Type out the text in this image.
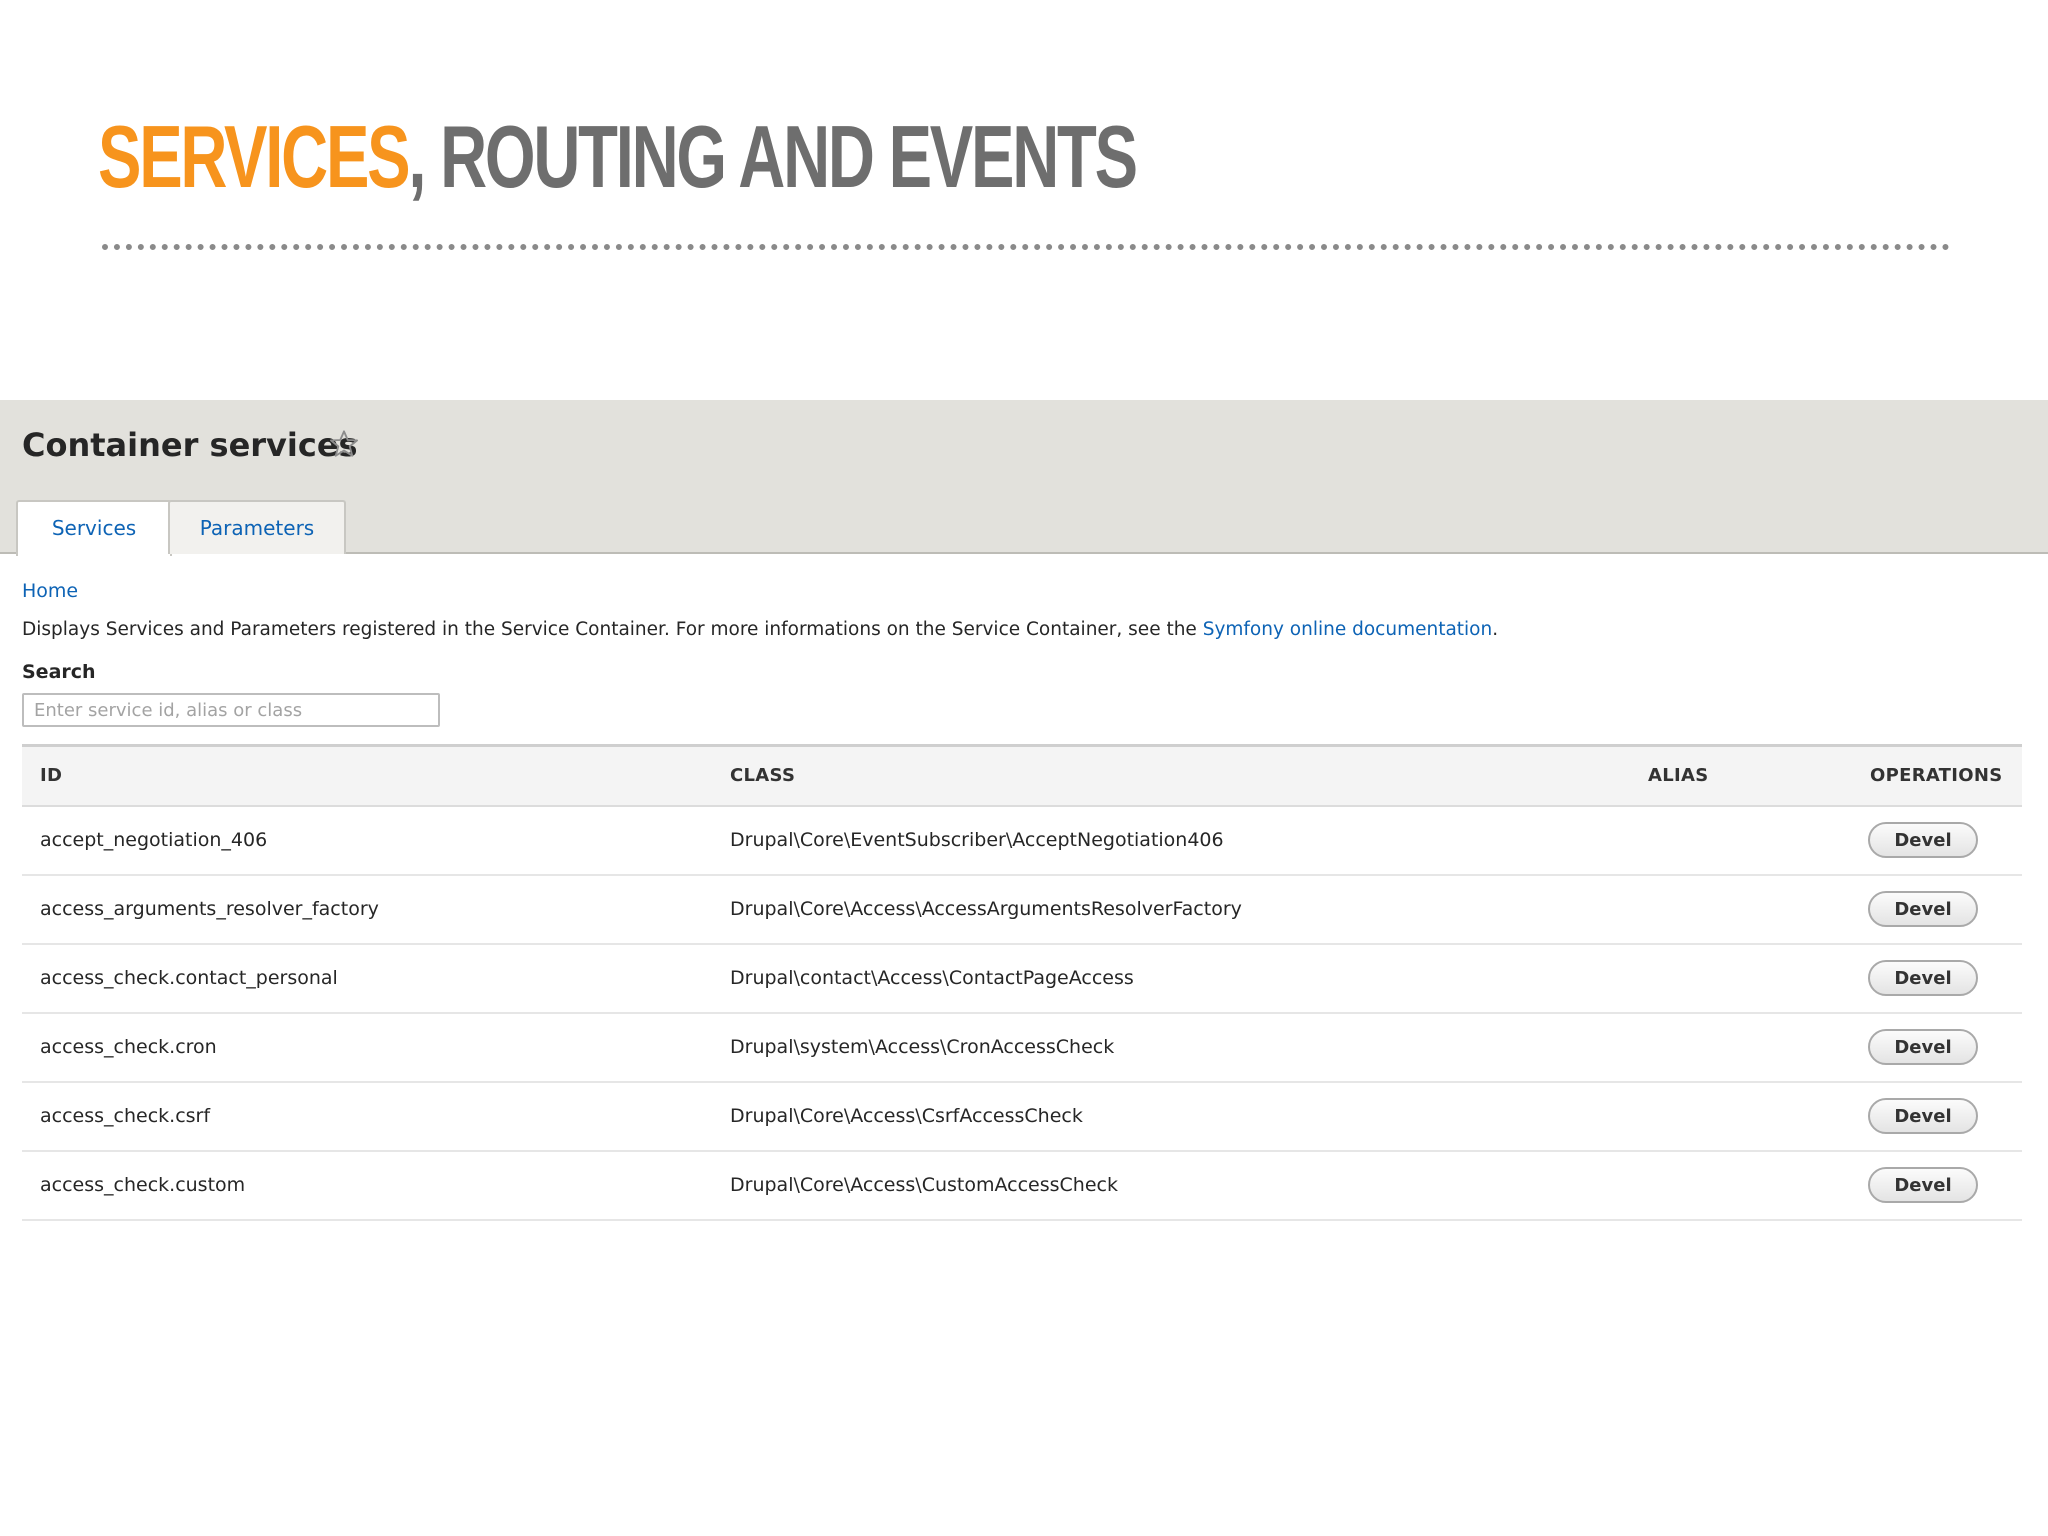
SERVICES, ROUTING AND EVENTS
Container services
Services	Parameters
Home
Displays Services and Parameters registered in the Service Container. For more informations on the Service Container, see the Symfony online documentation.
Search
Enter service id, alias or class
ID	CLASS	ALIAS	OPERATIONS
accept_negotiation_406	Drupal\Core\EventSubscriber\AcceptNegotiation406		Devel
access_arguments_resolver_factory	Drupal\Core\Access\AccessArgumentsResolverFactory		Devel
access_check.contact_personal	Drupal\contact\Access\ContactPageAccess		Devel
access_check.cron	Drupal\system\Access\CronAccessCheck		Devel
access_check.csrf	Drupal\Core\Access\CsrfAccessCheck		Devel
access_check.custom	Drupal\Core\Access\CustomAccessCheck		Devel
